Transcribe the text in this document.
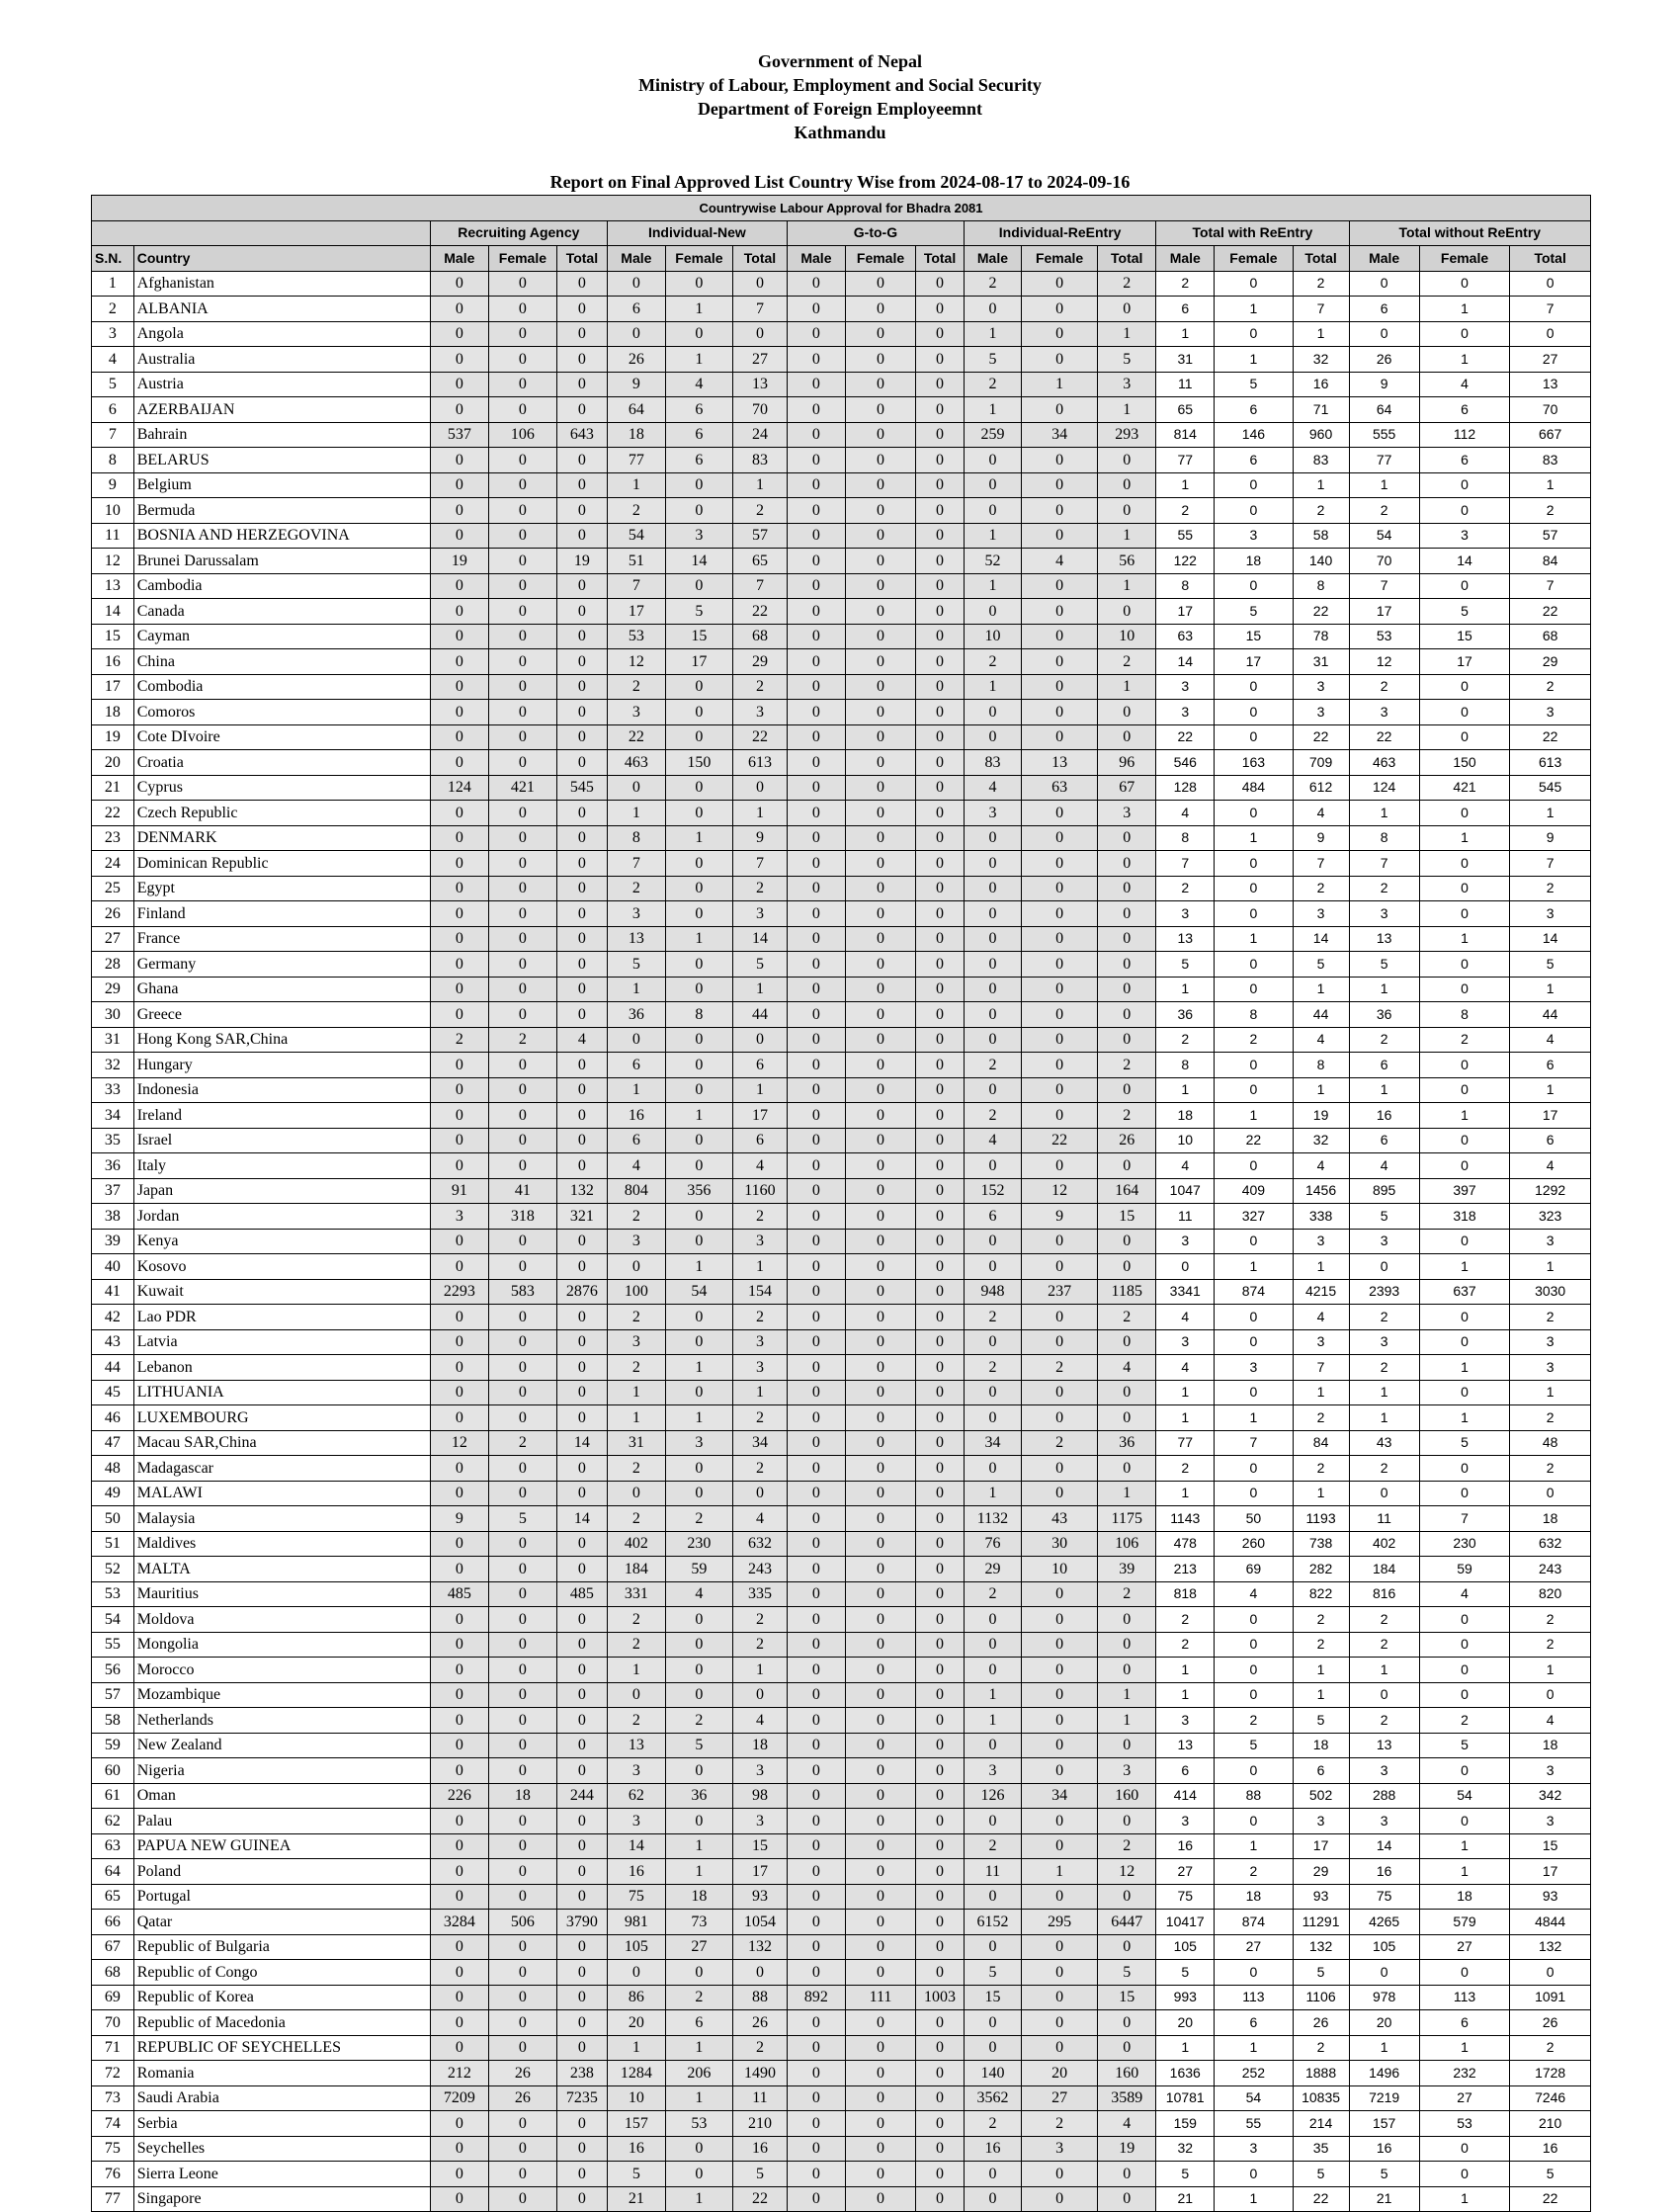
Government of Nepal
Ministry of Labour, Employment and Social Security
Department of Foreign Employeemnt
Kathmandu
Report on Final Approved List Country Wise from 2024-08-17 to 2024-09-16
Countrywise Labour Approval for Bhadra 2081																			
		Recruiting Agency			Individual-New			G-to-G			Individual-ReEntry			Total with ReEntry			Total without ReEntry		
S.N.	Country	Male	Female	Total	Male	Female	Total	Male	Female	Total	Male	Female	Total	Male	Female	Total	Male	Female	Total
1	Afghanistan	0	0	0	0	0	0	0	0	0	2	0	2	2	0	2	0	0	0
2	ALBANIA	0	0	0	6	1	7	0	0	0	0	0	0	6	1	7	6	1	7
3	Angola	0	0	0	0	0	0	0	0	0	1	0	1	1	0	1	0	0	0
4	Australia	0	0	0	26	1	27	0	0	0	5	0	5	31	1	32	26	1	27
5	Austria	0	0	0	9	4	13	0	0	0	2	1	3	11	5	16	9	4	13
6	AZERBAIJAN	0	0	0	64	6	70	0	0	0	1	0	1	65	6	71	64	6	70
7	Bahrain	537	106	643	18	6	24	0	0	0	259	34	293	814	146	960	555	112	667
8	BELARUS	0	0	0	77	6	83	0	0	0	0	0	0	77	6	83	77	6	83
9	Belgium	0	0	0	1	0	1	0	0	0	0	0	0	1	0	1	1	0	1
10	Bermuda	0	0	0	2	0	2	0	0	0	0	0	0	2	0	2	2	0	2
11	BOSNIA AND HERZEGOVINA	0	0	0	54	3	57	0	0	0	1	0	1	55	3	58	54	3	57
12	Brunei Darussalam	19	0	19	51	14	65	0	0	0	52	4	56	122	18	140	70	14	84
13	Cambodia	0	0	0	7	0	7	0	0	0	1	0	1	8	0	8	7	0	7
14	Canada	0	0	0	17	5	22	0	0	0	0	0	0	17	5	22	17	5	22
15	Cayman	0	0	0	53	15	68	0	0	0	10	0	10	63	15	78	53	15	68
16	China	0	0	0	12	17	29	0	0	0	2	0	2	14	17	31	12	17	29
17	Combodia	0	0	0	2	0	2	0	0	0	1	0	1	3	0	3	2	0	2
18	Comoros	0	0	0	3	0	3	0	0	0	0	0	0	3	0	3	3	0	3
19	Cote DIvoire	0	0	0	22	0	22	0	0	0	0	0	0	22	0	22	22	0	22
20	Croatia	0	0	0	463	150	613	0	0	0	83	13	96	546	163	709	463	150	613
21	Cyprus	124	421	545	0	0	0	0	0	0	4	63	67	128	484	612	124	421	545
22	Czech Republic	0	0	0	1	0	1	0	0	0	3	0	3	4	0	4	1	0	1
23	DENMARK	0	0	0	8	1	9	0	0	0	0	0	0	8	1	9	8	1	9
24	Dominican Republic	0	0	0	7	0	7	0	0	0	0	0	0	7	0	7	7	0	7
25	Egypt	0	0	0	2	0	2	0	0	0	0	0	0	2	0	2	2	0	2
26	Finland	0	0	0	3	0	3	0	0	0	0	0	0	3	0	3	3	0	3
27	France	0	0	0	13	1	14	0	0	0	0	0	0	13	1	14	13	1	14
28	Germany	0	0	0	5	0	5	0	0	0	0	0	0	5	0	5	5	0	5
29	Ghana	0	0	0	1	0	1	0	0	0	0	0	0	1	0	1	1	0	1
30	Greece	0	0	0	36	8	44	0	0	0	0	0	0	36	8	44	36	8	44
31	Hong Kong SAR,China	2	2	4	0	0	0	0	0	0	0	0	0	2	2	4	2	2	4
32	Hungary	0	0	0	6	0	6	0	0	0	2	0	2	8	0	8	6	0	6
33	Indonesia	0	0	0	1	0	1	0	0	0	0	0	0	1	0	1	1	0	1
34	Ireland	0	0	0	16	1	17	0	0	0	2	0	2	18	1	19	16	1	17
35	Israel	0	0	0	6	0	6	0	0	0	4	22	26	10	22	32	6	0	6
36	Italy	0	0	0	4	0	4	0	0	0	0	0	0	4	0	4	4	0	4
37	Japan	91	41	132	804	356	1160	0	0	0	152	12	164	1047	409	1456	895	397	1292
38	Jordan	3	318	321	2	0	2	0	0	0	6	9	15	11	327	338	5	318	323
39	Kenya	0	0	0	3	0	3	0	0	0	0	0	0	3	0	3	3	0	3
40	Kosovo	0	0	0	0	1	1	0	0	0	0	0	0	0	1	1	0	1	1
41	Kuwait	2293	583	2876	100	54	154	0	0	0	948	237	1185	3341	874	4215	2393	637	3030
42	Lao PDR	0	0	0	2	0	2	0	0	0	2	0	2	4	0	4	2	0	2
43	Latvia	0	0	0	3	0	3	0	0	0	0	0	0	3	0	3	3	0	3
44	Lebanon	0	0	0	2	1	3	0	0	0	2	2	4	4	3	7	2	1	3
45	LITHUANIA	0	0	0	1	0	1	0	0	0	0	0	0	1	0	1	1	0	1
46	LUXEMBOURG	0	0	0	1	1	2	0	0	0	0	0	0	1	1	2	1	1	2
47	Macau SAR,China	12	2	14	31	3	34	0	0	0	34	2	36	77	7	84	43	5	48
48	Madagascar	0	0	0	2	0	2	0	0	0	0	0	0	2	0	2	2	0	2
49	MALAWI	0	0	0	0	0	0	0	0	0	1	0	1	1	0	1	0	0	0
50	Malaysia	9	5	14	2	2	4	0	0	0	1132	43	1175	1143	50	1193	11	7	18
51	Maldives	0	0	0	402	230	632	0	0	0	76	30	106	478	260	738	402	230	632
52	MALTA	0	0	0	184	59	243	0	0	0	29	10	39	213	69	282	184	59	243
53	Mauritius	485	0	485	331	4	335	0	0	0	2	0	2	818	4	822	816	4	820
54	Moldova	0	0	0	2	0	2	0	0	0	0	0	0	2	0	2	2	0	2
55	Mongolia	0	0	0	2	0	2	0	0	0	0	0	0	2	0	2	2	0	2
56	Morocco	0	0	0	1	0	1	0	0	0	0	0	0	1	0	1	1	0	1
57	Mozambique	0	0	0	0	0	0	0	0	0	1	0	1	1	0	1	0	0	0
58	Netherlands	0	0	0	2	2	4	0	0	0	1	0	1	3	2	5	2	2	4
59	New Zealand	0	0	0	13	5	18	0	0	0	0	0	0	13	5	18	13	5	18
60	Nigeria	0	0	0	3	0	3	0	0	0	3	0	3	6	0	6	3	0	3
61	Oman	226	18	244	62	36	98	0	0	0	126	34	160	414	88	502	288	54	342
62	Palau	0	0	0	3	0	3	0	0	0	0	0	0	3	0	3	3	0	3
63	PAPUA NEW GUINEA	0	0	0	14	1	15	0	0	0	2	0	2	16	1	17	14	1	15
64	Poland	0	0	0	16	1	17	0	0	0	11	1	12	27	2	29	16	1	17
65	Portugal	0	0	0	75	18	93	0	0	0	0	0	0	75	18	93	75	18	93
66	Qatar	3284	506	3790	981	73	1054	0	0	0	6152	295	6447	10417	874	11291	4265	579	4844
67	Republic of Bulgaria	0	0	0	105	27	132	0	0	0	0	0	0	105	27	132	105	27	132
68	Republic of Congo	0	0	0	0	0	0	0	0	0	5	0	5	5	0	5	0	0	0
69	Republic of Korea	0	0	0	86	2	88	892	111	1003	15	0	15	993	113	1106	978	113	1091
70	Republic of Macedonia	0	0	0	20	6	26	0	0	0	0	0	0	20	6	26	20	6	26
71	REPUBLIC OF SEYCHELLES	0	0	0	1	1	2	0	0	0	0	0	0	1	1	2	1	1	2
72	Romania	212	26	238	1284	206	1490	0	0	0	140	20	160	1636	252	1888	1496	232	1728
73	Saudi Arabia	7209	26	7235	10	1	11	0	0	0	3562	27	3589	10781	54	10835	7219	27	7246
74	Serbia	0	0	0	157	53	210	0	0	0	2	2	4	159	55	214	157	53	210
75	Seychelles	0	0	0	16	0	16	0	0	0	16	3	19	32	3	35	16	0	16
76	Sierra Leone	0	0	0	5	0	5	0	0	0	0	0	0	5	0	5	5	0	5
77	Singapore	0	0	0	21	1	22	0	0	0	0	0	0	21	1	22	21	1	22
